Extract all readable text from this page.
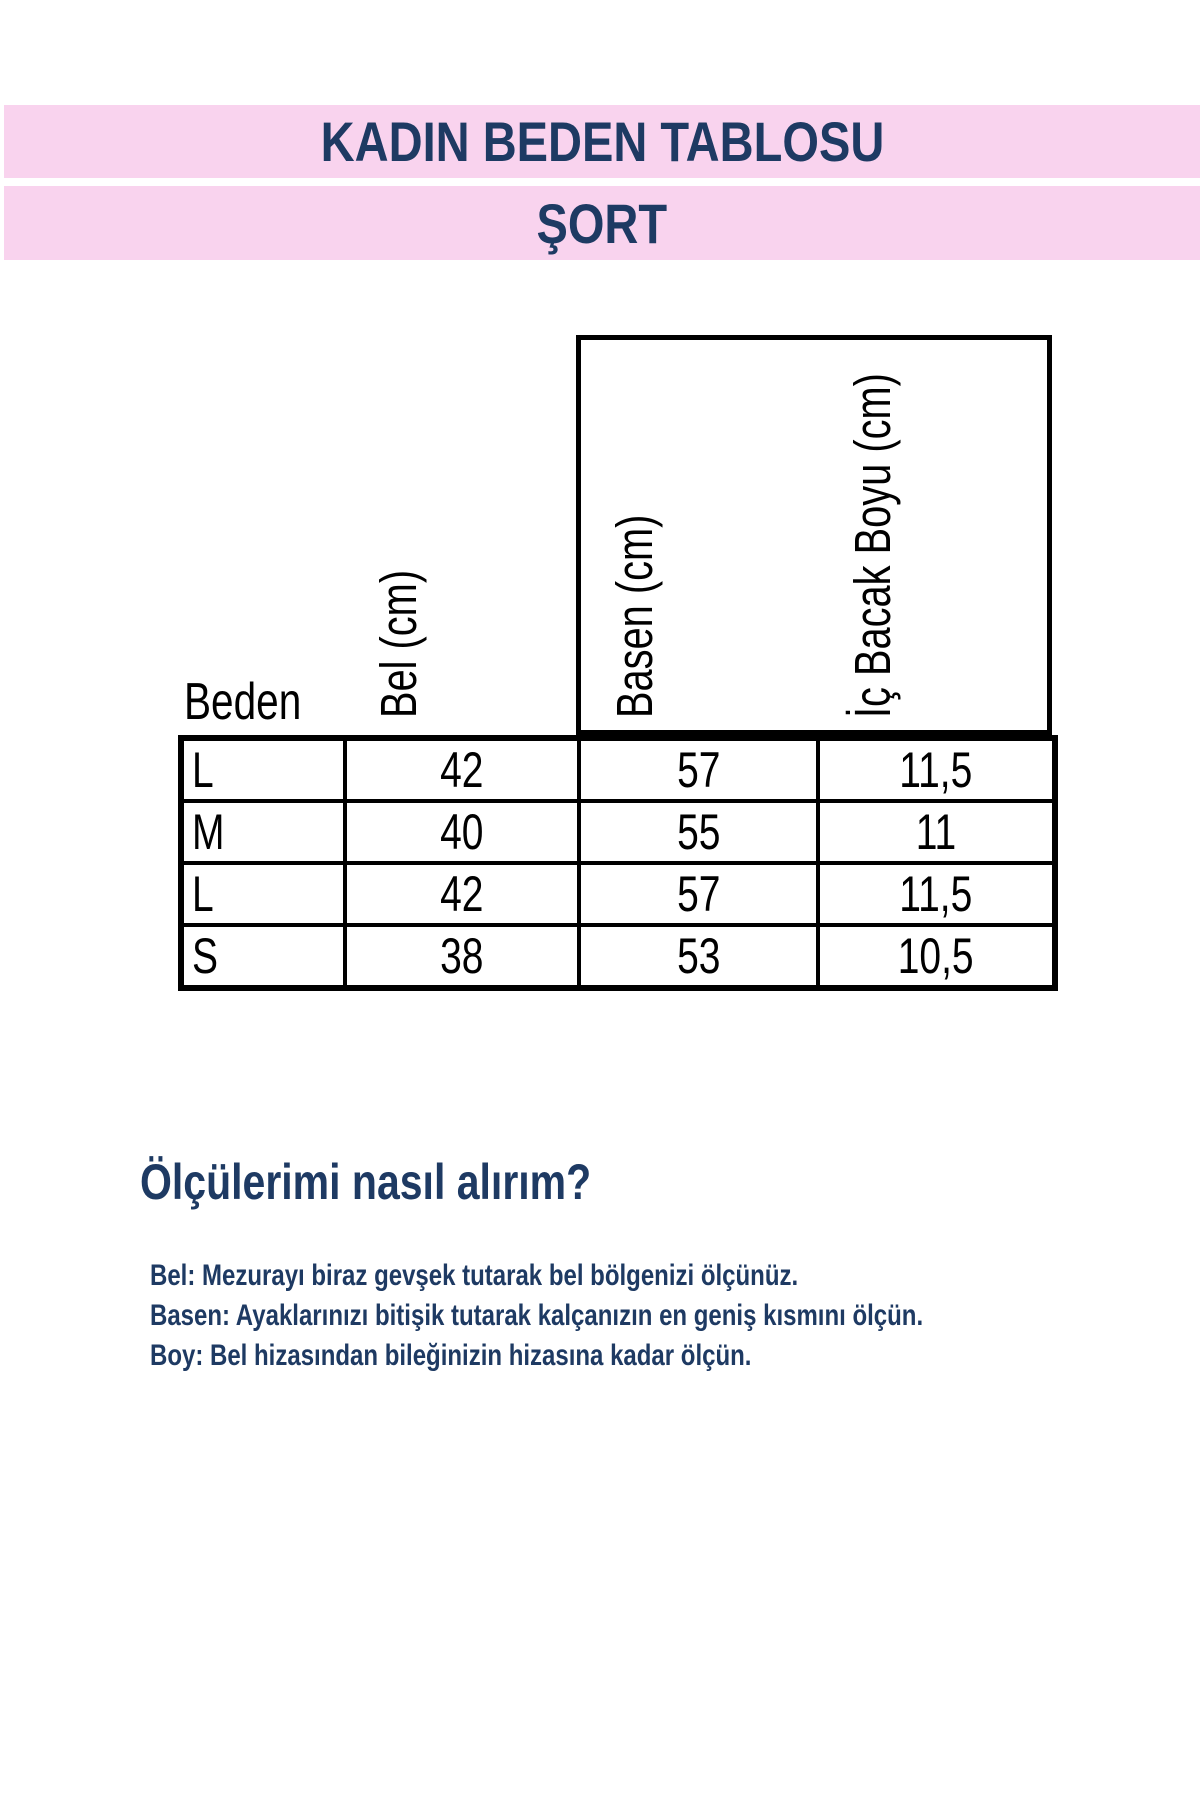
KADIN BEDEN TABLOSU
ŞORT
Beden Bel (cm)	Basen (cm)	İç Bacak Boyu (cm)
L	42	57	11,5
M	40	55	11
L	42	57	11,5
S	38	53	10,5
Ölçülerimi nasıl alırım?
Bel: Mezurayı biraz gevşek tutarak bel bölgenizi ölçünüz.
Basen: Ayaklarınızı bitişik tutarak kalçanızın en geniş kısmını ölçün.
Boy: Bel hizasından bileğinizin hizasına kadar ölçün.
